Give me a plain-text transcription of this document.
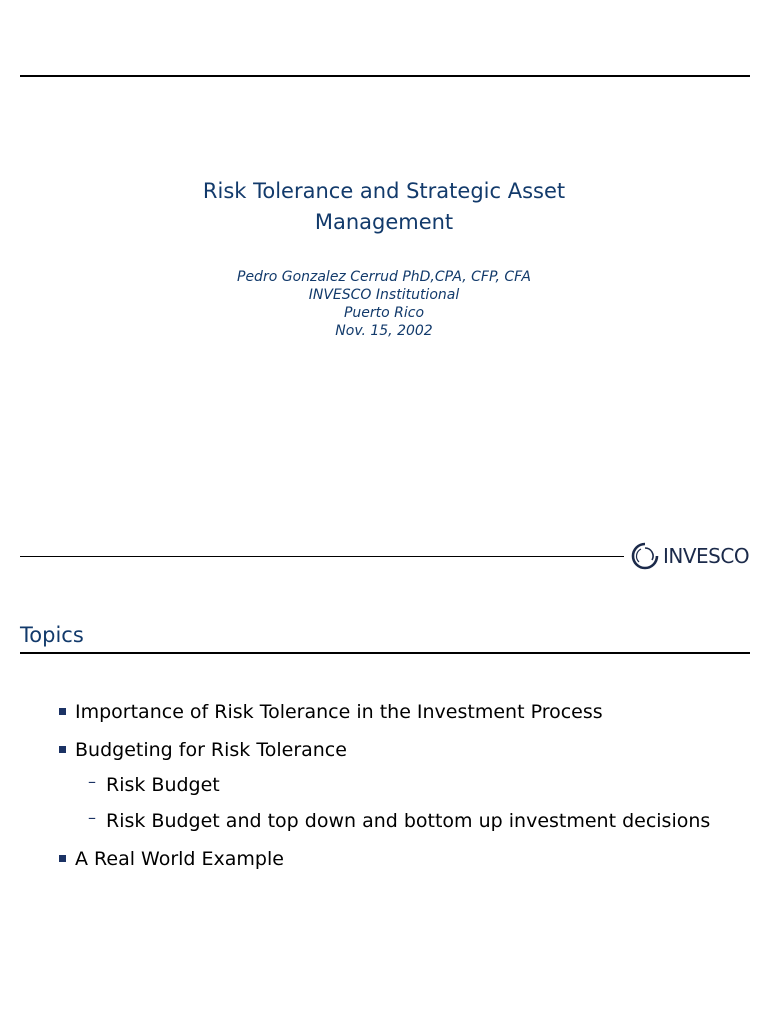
Risk Tolerance and Strategic Asset
Management
Pedro Gonzalez Cerrud PhD,CPA, CFP, CFA
INVESCO Institutional
Puerto Rico
Nov. 15, 2002
INVESCO
Topics
Importance of Risk Tolerance in the Investment Process
Budgeting for Risk Tolerance
– Risk Budget
– Risk Budget and top down and bottom up investment decisions
A Real World Example
